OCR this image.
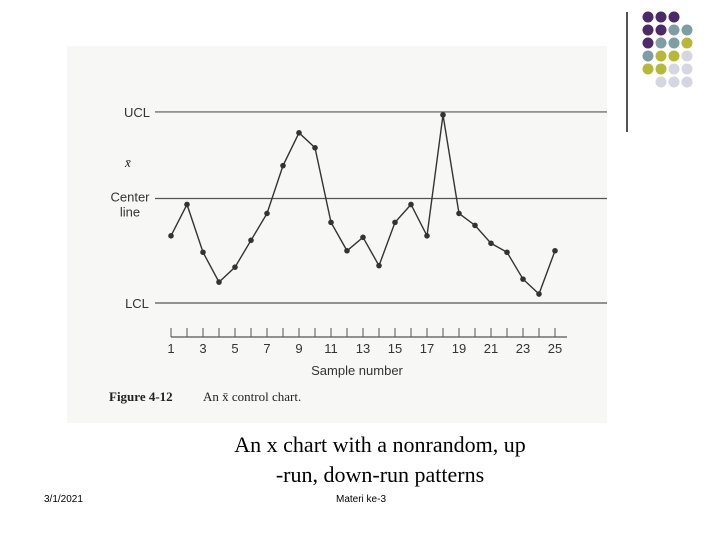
UCL
Center line
LCL
x̄
1 3 5 7 9 11 13 15 17 19 21 23 25
Sample number
Figure 4-12 An x̄ control chart.
An x chart with a nonrandom, up
-run, down-run patterns
3/1/2021	Materi ke-3
